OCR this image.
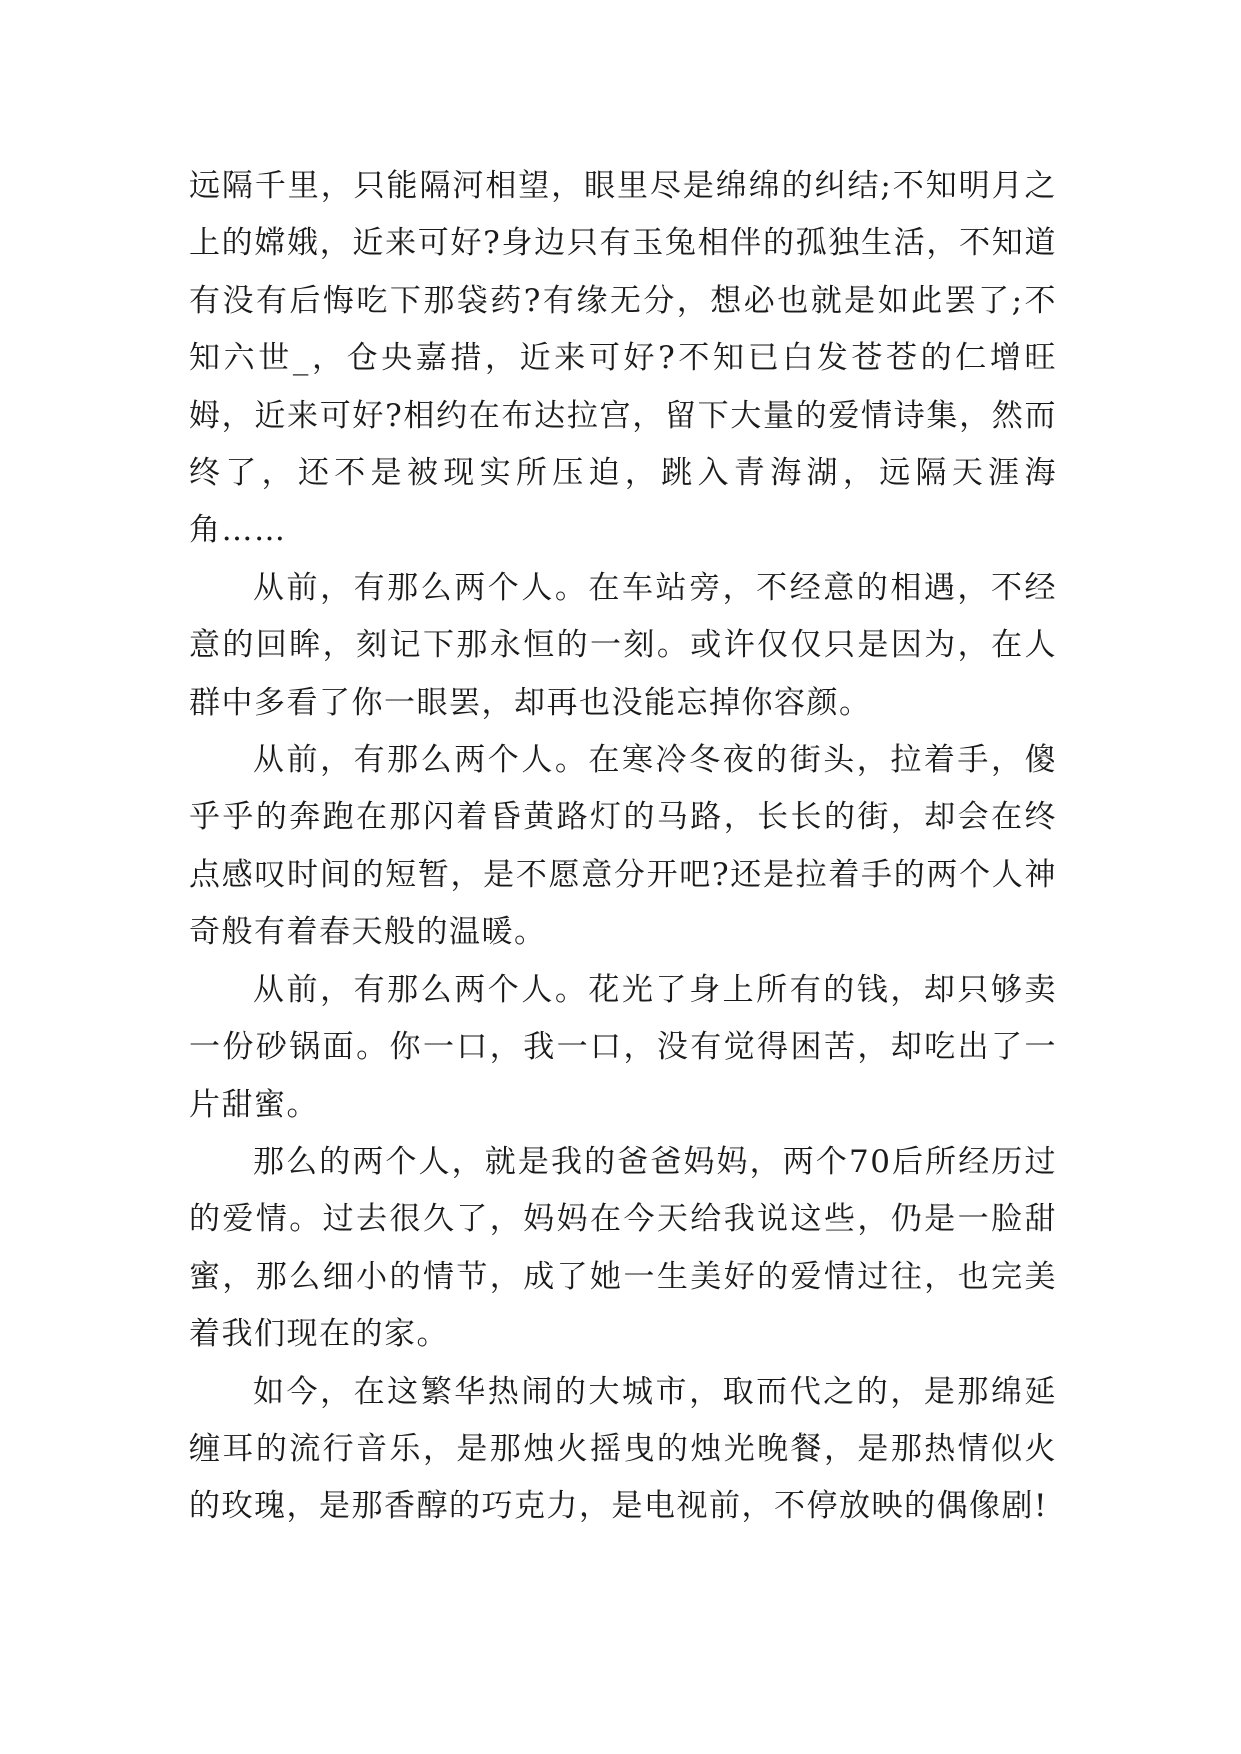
远隔千里，只能隔河相望，眼里尽是绵绵的纠结;不知明月之上的嫦娥，近来可好?身边只有玉兔相伴的孤独生活，不知道有没有后悔吃下那袋药?有缘无分，想必也就是如此罢了;不知六世_，仓央嘉措，近来可好?不知已白发苍苍的仁增旺姆，近来可好?相约在布达拉宫，留下大量的爱情诗集，然而终了，还不是被现实所压迫，跳入青海湖，远隔天涯海角……

从前，有那么两个人。在车站旁，不经意的相遇，不经意的回眸，刻记下那永恒的一刻。或许仅仅只是因为，在人群中多看了你一眼罢，却再也没能忘掉你容颜。

从前，有那么两个人。在寒冷冬夜的街头，拉着手，傻乎乎的奔跑在那闪着昏黄路灯的马路，长长的街，却会在终点感叹时间的短暂，是不愿意分开吧?还是拉着手的两个人神奇般有着春天般的温暖。

从前，有那么两个人。花光了身上所有的钱，却只够卖一份砂锅面。你一口，我一口，没有觉得困苦，却吃出了一片甜蜜。

那么的两个人，就是我的爸爸妈妈，两个70后所经历过的爱情。过去很久了，妈妈在今天给我说这些，仍是一脸甜蜜，那么细小的情节，成了她一生美好的爱情过往，也完美着我们现在的家。

如今，在这繁华热闹的大城市，取而代之的，是那绵延缠耳的流行音乐，是那烛火摇曳的烛光晚餐，是那热情似火的玫瑰，是那香醇的巧克力，是电视前，不停放映的偶像剧!
